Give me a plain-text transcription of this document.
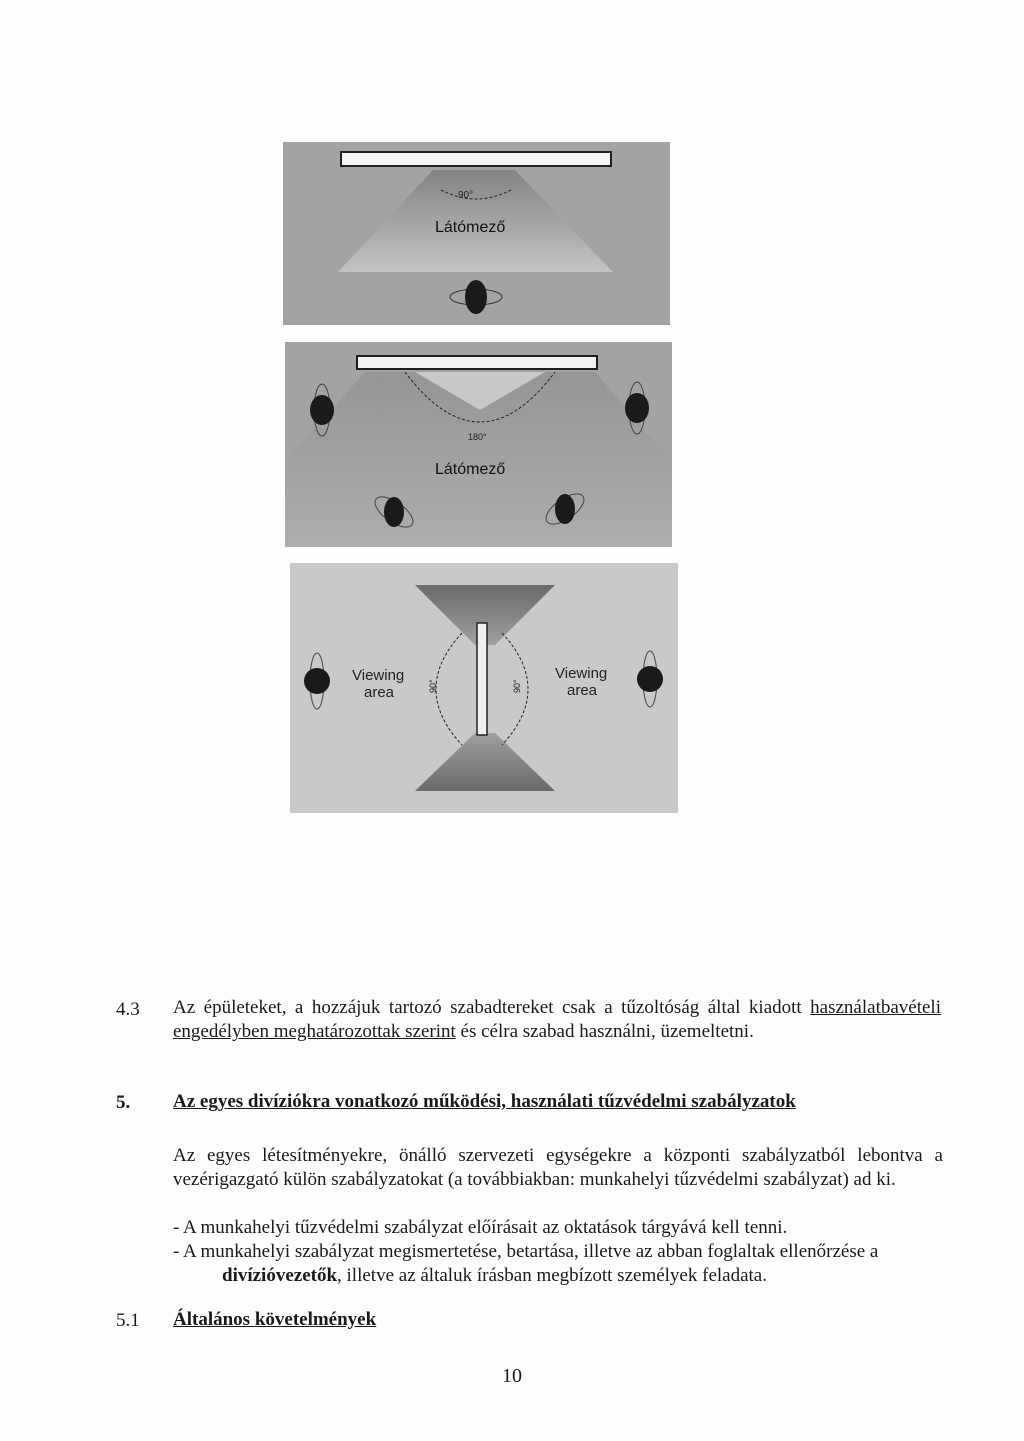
90°
Látómező
180°
Látómező
90°	90°
Viewing
area
Viewing
area
4.3 Az épületeket, a hozzájuk tartozó szabadtereket csak a tűzoltóság által kiadott használatbavételi engedélyben meghatározottak szerint és célra szabad használni, üzemeltetni.
5. Az egyes divíziókra vonatkozó működési, használati tűzvédelmi szabályzatok
Az egyes létesítményekre, önálló szervezeti egységekre a központi szabályzatból lebontva a vezérigazgató külön szabályzatokat (a továbbiakban: munkahelyi tűzvédelmi szabályzat) ad ki.
- A munkahelyi tűzvédelmi szabályzat előírásait az oktatások tárgyává kell tenni.
- A munkahelyi szabályzat megismertetése, betartása, illetve az abban foglaltak ellenőrzése a
divízióvezetők, illetve az általuk írásban megbízott személyek feladata.
5.1 Általános követelmények
10
